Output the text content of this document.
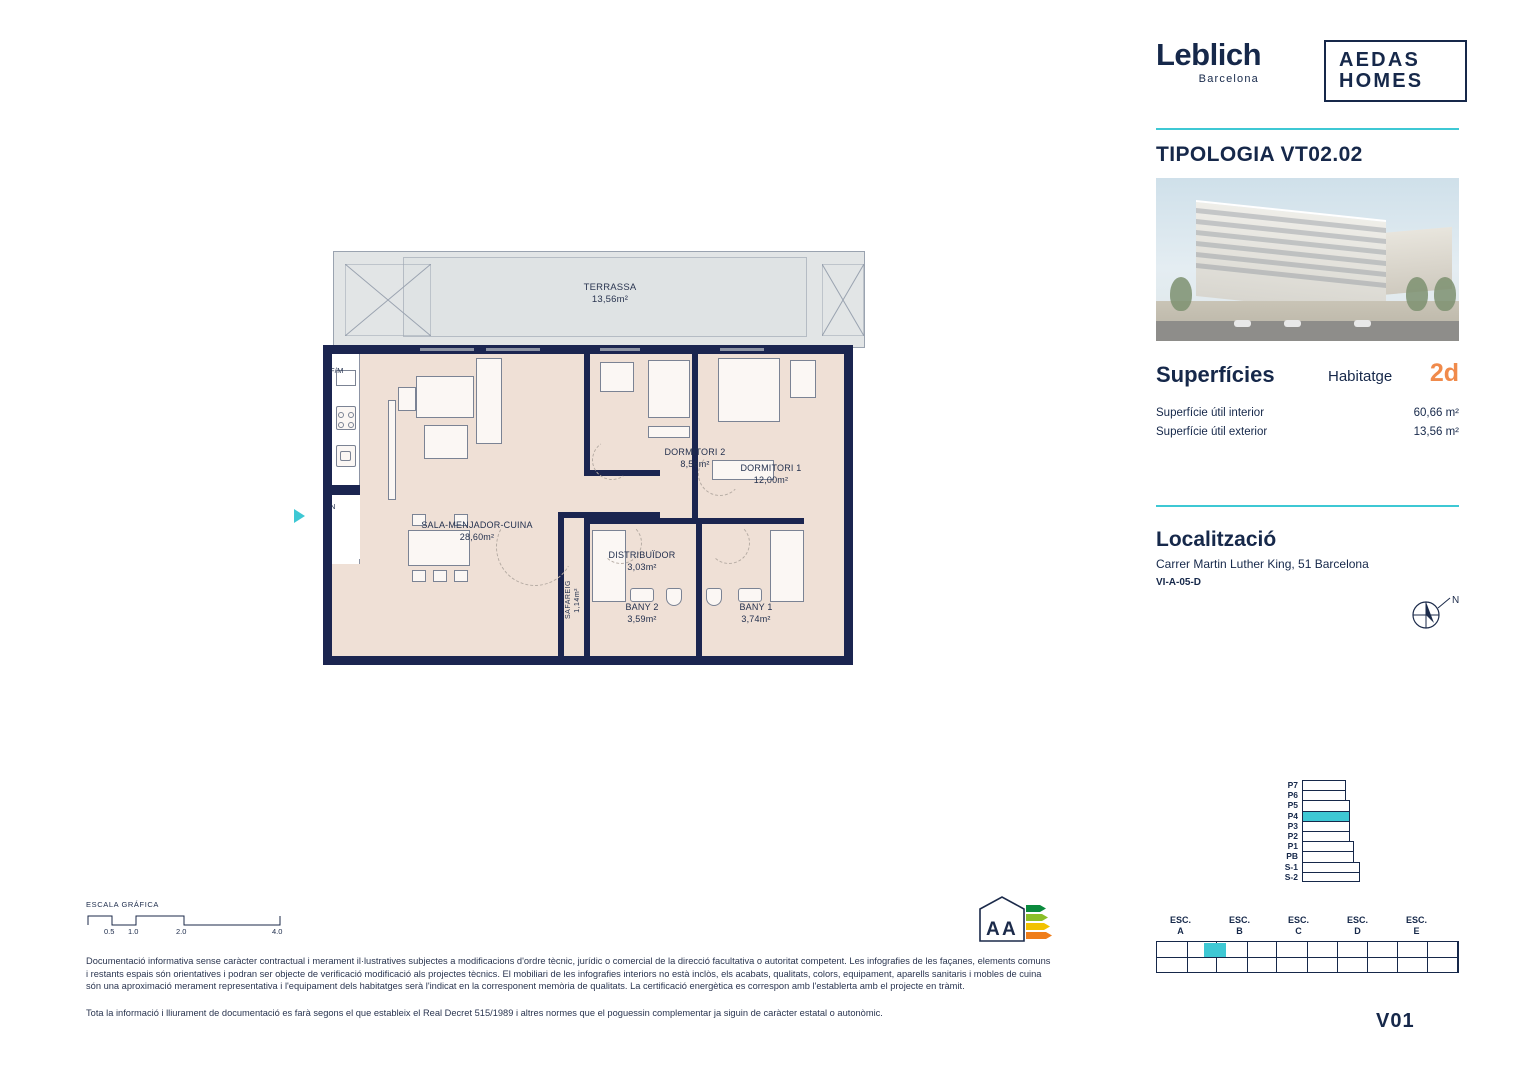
TERRASSA
13,56m²
F/M
N
DORMITORI 2
8,56m²	DORMITORI 1
12,00m²
SALA-MENJADOR-CUINA
28,60m²
DISTRIBUÏDOR
3,03m²
BANY 2
3,59m²
BANY 1
3,74m²
SAFAREIG 1,14m²
ESCALA GRÁFICA
0.5 1.0	2.0	4.0	A A

Documentació informativa sense caràcter contractual i merament il·lustratives subjectes a modificacions d'ordre tècnic, jurídic o comercial de la direcció facultativa o autoritat competent. Les infografies de les façanes, elements comuns i restants espais són orientatives i podran ser objecte de verificació modificació als projectes tècnics. El mobiliari de les infografies interiors no està inclòs, els acabats, qualitats, colors, equipament, aparells sanitaris i mobles de cuina són una aproximació merament representativa i l'equipament dels habitatges serà l'indicat en la corresponent memòria de qualitats. La certificació energètica es correspon amb l'establerta amb el projecte en tràmit.

Tota la informació i lliurament de documentació es farà segons el que estableix el Real Decret 515/1989 i altres normes que el poguessin complementar ja siguin de caràcter estatal o autonòmic.

Leblich
Barcelona
AEDAS
HOMES
TIPOLOGIA VT02.02
Superfícies	Habitatge 2d
Superfície útil interior	60,66 m²
Superfície útil exterior	13,56 m²
Localització
Carrer Martin Luther King, 51 Barcelona
VI-A-05-D
N
P7
P6
P5
P4
P3
P2
P1
PB
S-1
S-2
ESC.
A
ESC.
B
ESC.
C
ESC.
D
ESC.
E
V01
